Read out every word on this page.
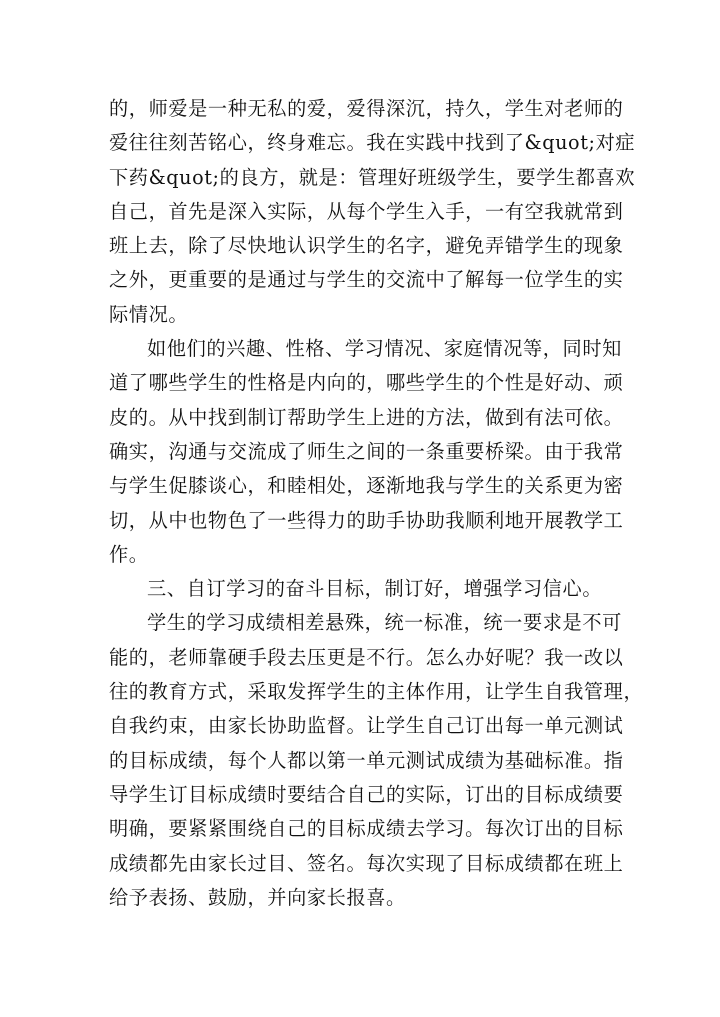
的，师爱是一种无私的爱，爱得深沉，持久，学生对老师的
爱往往刻苦铭心，终身难忘。我在实践中找到了&quot;对症
下药&quot;的良方，就是：管理好班级学生，要学生都喜欢
自己，首先是深入实际，从每个学生入手，一有空我就常到
班上去，除了尽快地认识学生的名字，避免弄错学生的现象
之外，更重要的是通过与学生的交流中了解每一位学生的实
际情况。
如他们的兴趣、性格、学习情况、家庭情况等，同时知
道了哪些学生的性格是内向的，哪些学生的个性是好动、顽
皮的。从中找到制订帮助学生上进的方法，做到有法可依。
确实，沟通与交流成了师生之间的一条重要桥梁。由于我常
与学生促膝谈心，和睦相处，逐渐地我与学生的关系更为密
切，从中也物色了一些得力的助手协助我顺利地开展教学工
作。
三、自订学习的奋斗目标，制订好，增强学习信心。
学生的学习成绩相差悬殊，统一标准，统一要求是不可
能的，老师靠硬手段去压更是不行。怎么办好呢？我一改以
往的教育方式，采取发挥学生的主体作用，让学生自我管理，
自我约束，由家长协助监督。让学生自己订出每一单元测试
的目标成绩，每个人都以第一单元测试成绩为基础标准。指
导学生订目标成绩时要结合自己的实际，订出的目标成绩要
明确，要紧紧围绕自己的目标成绩去学习。每次订出的目标
成绩都先由家长过目、签名。每次实现了目标成绩都在班上
给予表扬、鼓励，并向家长报喜。
